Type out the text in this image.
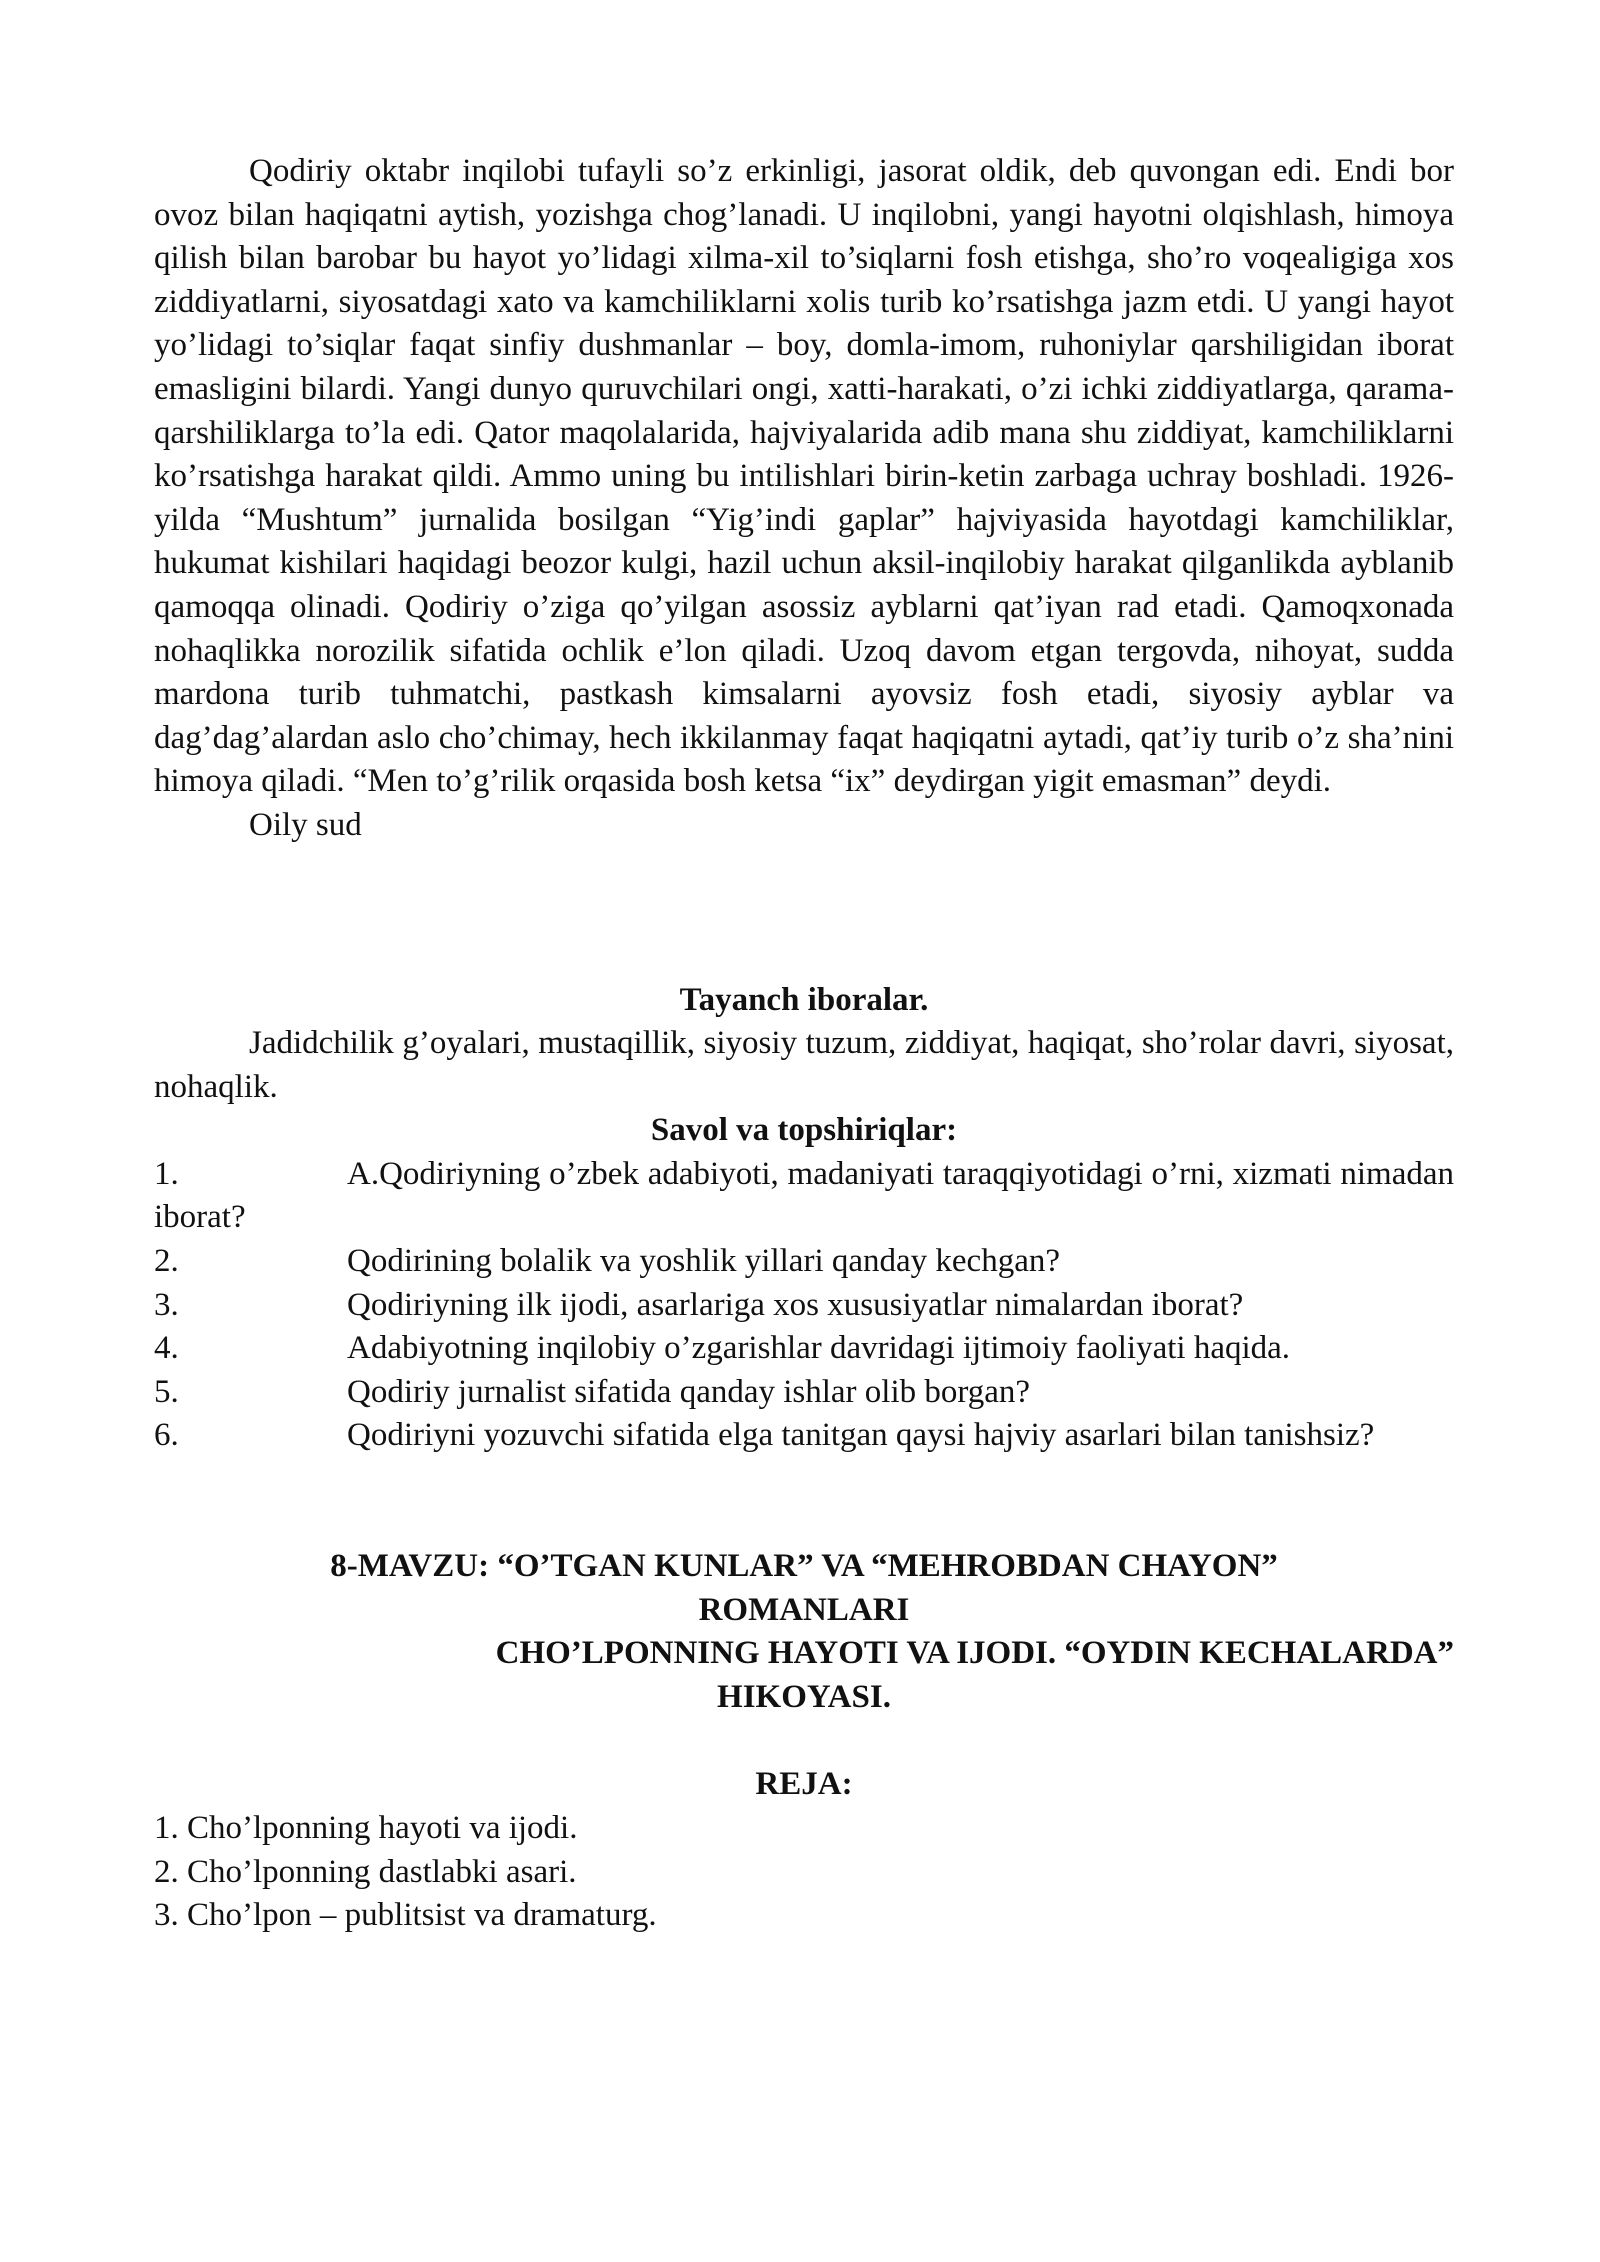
Qodiriy oktabr inqilobi tufayli so’z erkinligi, jasorat oldik, deb quvongan edi. Endi bor ovoz bilan haqiqatni aytish, yozishga chog’lanadi. U inqilobni, yangi hayotni olqishlash, himoya qilish bilan barobar bu hayot yo’lidagi xilma-xil to’siqlarni fosh etishga, sho’ro voqealigiga xos ziddiyatlarni, siyosatdagi xato va kamchiliklarni xolis turib ko’rsatishga jazm etdi. U yangi hayot yo’lidagi to’siqlar faqat sinfiy dushmanlar – boy, domla-imom, ruhoniylar qarshiligidan iborat emasligini bilardi. Yangi dunyo quruvchilari ongi, xatti-harakati, o’zi ichki ziddiyatlarga, qarama-qarshiliklarga to’la edi. Qator maqolalarida, hajviyalarida adib mana shu ziddiyat, kamchiliklarni ko’rsatishga harakat qildi. Ammo uning bu intilishlari birin-ketin zarbaga uchray boshladi. 1926-yilda “Mushtum” jurnalida bosilgan “Yig’indi gaplar” hajviyasida hayotdagi kamchiliklar, hukumat kishilari haqidagi beozor kulgi, hazil uchun aksil-inqilobiy harakat qilganlikda ayblanib qamoqqa olinadi. Qodiriy o’ziga qo’yilgan asossiz ayblarni qat’iyan rad etadi. Qamoqxonada nohaqlikka norozilik sifatida ochlik e’lon qiladi. Uzoq davom etgan tergovda, nihoyat, sudda mardona turib tuhmatchi, pastkash kimsalarni ayovsiz fosh etadi, siyosiy ayblar va dag’dag’alardan aslo cho’chimay, hech ikkilanmay faqat haqiqatni aytadi, qat’iy turib o’z sha’nini himoya qiladi. “Men to’g’rilik orqasida bosh ketsa “ix” deydirgan yigit emasman” deydi.

Oily sud

Tayanch iboralar.

Jadidchilik g’oyalari, mustaqillik, siyosiy tuzum, ziddiyat, haqiqat, sho’rolar davri, siyosat, nohaqlik.

Savol va topshiriqlar:

1.	A.Qodiriyning o’zbek adabiyoti, madaniyati taraqqiyotidagi o’rni, xizmati nimadan iborat?

2.	Qodirining bolalik va yoshlik yillari qanday kechgan?

3.	Qodiriyning ilk ijodi, asarlariga xos xususiyatlar nimalardan iborat?

4.	Adabiyotning inqilobiy o’zgarishlar davridagi ijtimoiy faoliyati haqida.

5.	Qodiriy jurnalist sifatida qanday ishlar olib borgan?

6.	Qodiriyni yozuvchi sifatida elga tanitgan qaysi hajviy asarlari bilan tanishsiz?

8-MAVZU: “O’TGAN KUNLAR” VA “MEHROBDAN CHAYON”

ROMANLARI

CHO’LPONNING HAYOTI VA IJODI. “OYDIN KECHALARDA”

HIKOYASI.

REJA:

1. Cho’lponning hayoti va ijodi.

2. Cho’lponning dastlabki asari.

3. Cho’lpon – publitsist va dramaturg.
